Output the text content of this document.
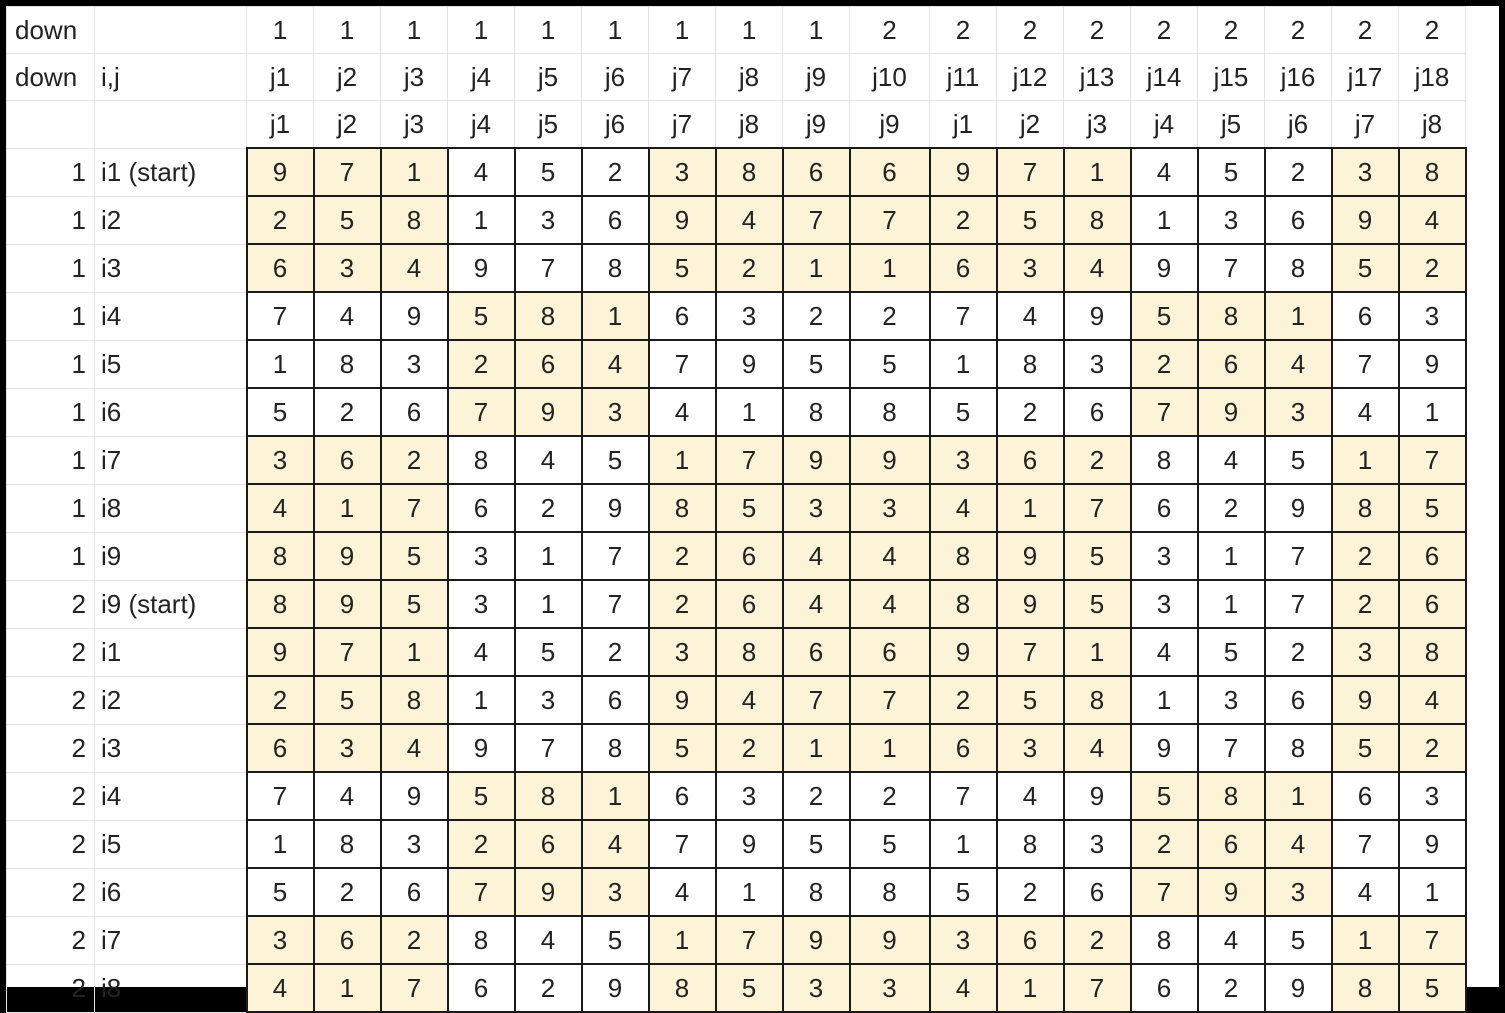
down		1	1	1	1	1	1	1	1	1	2	2	2	2	2	2	2	2	2
down	i,j	j1	j2	j3	j4	j5	j6	j7	j8	j9	j10	j11	j12	j13	j14	j15	j16	j17	j18
		j1	j2	j3	j4	j5	j6	j7	j8	j9	j9	j1	j2	j3	j4	j5	j6	j7	j8
1	i1 (start)	9	7	1	4	5	2	3	8	6	6	9	7	1	4	5	2	3	8
1	i2	2	5	8	1	3	6	9	4	7	7	2	5	8	1	3	6	9	4
1	i3	6	3	4	9	7	8	5	2	1	1	6	3	4	9	7	8	5	2
1	i4	7	4	9	5	8	1	6	3	2	2	7	4	9	5	8	1	6	3
1	i5	1	8	3	2	6	4	7	9	5	5	1	8	3	2	6	4	7	9
1	i6	5	2	6	7	9	3	4	1	8	8	5	2	6	7	9	3	4	1
1	i7	3	6	2	8	4	5	1	7	9	9	3	6	2	8	4	5	1	7
1	i8	4	1	7	6	2	9	8	5	3	3	4	1	7	6	2	9	8	5
1	i9	8	9	5	3	1	7	2	6	4	4	8	9	5	3	1	7	2	6
2	i9 (start)	8	9	5	3	1	7	2	6	4	4	8	9	5	3	1	7	2	6
2	i1	9	7	1	4	5	2	3	8	6	6	9	7	1	4	5	2	3	8
2	i2	2	5	8	1	3	6	9	4	7	7	2	5	8	1	3	6	9	4
2	i3	6	3	4	9	7	8	5	2	1	1	6	3	4	9	7	8	5	2
2	i4	7	4	9	5	8	1	6	3	2	2	7	4	9	5	8	1	6	3
2	i5	1	8	3	2	6	4	7	9	5	5	1	8	3	2	6	4	7	9
2	i6	5	2	6	7	9	3	4	1	8	8	5	2	6	7	9	3	4	1
2	i7	3	6	2	8	4	5	1	7	9	9	3	6	2	8	4	5	1	7
2	i8	4	1	7	6	2	9	8	5	3	3	4	1	7	6	2	9	8	5
